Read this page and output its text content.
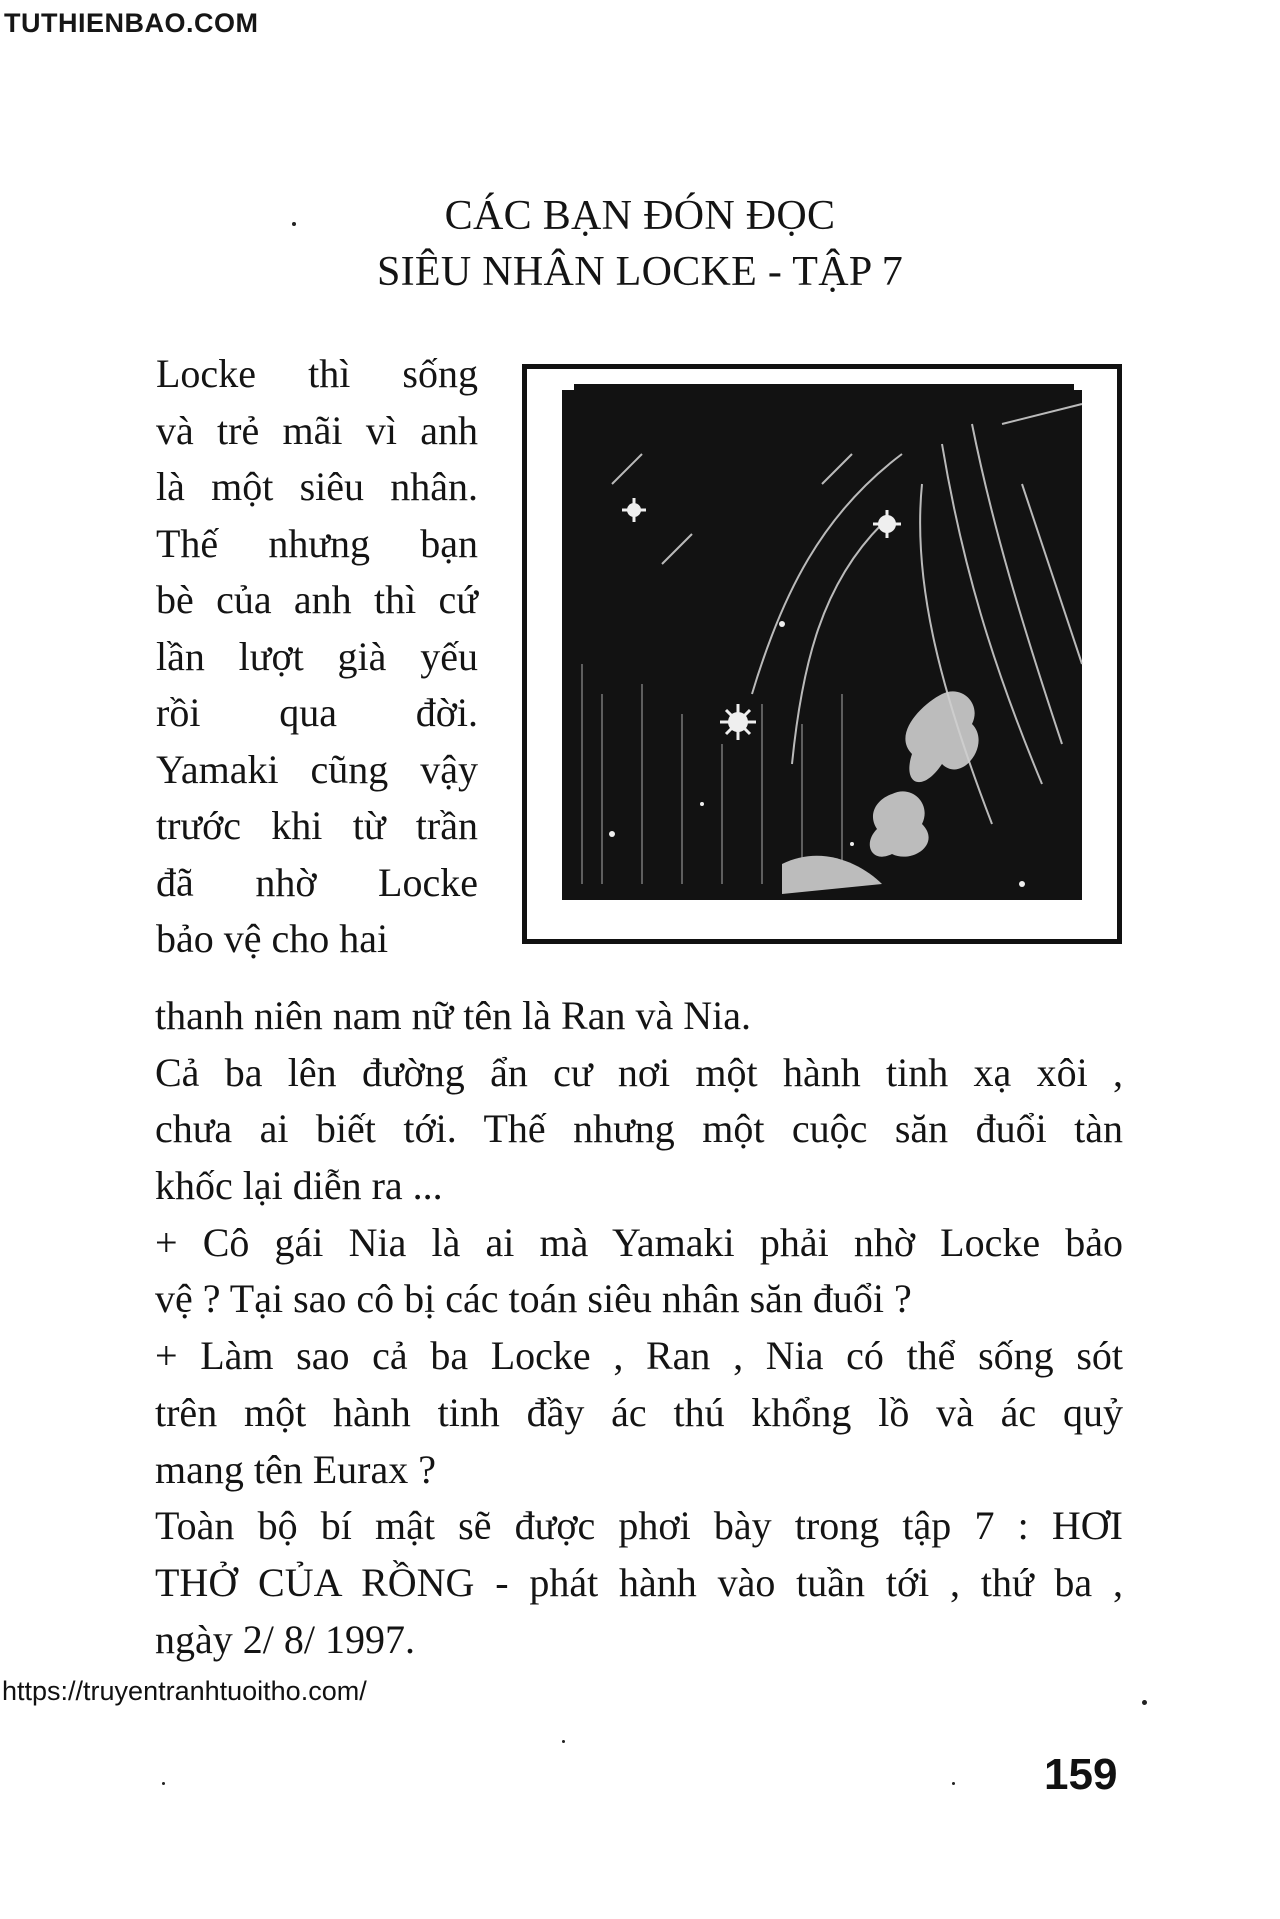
TUTHIENBAO.COM
CÁC BẠN ĐÓN ĐỌC
SIÊU NHÂN LOCKE - TẬP 7
Locke thì sống
và trẻ mãi vì anh
là một siêu nhân.
Thế nhưng bạn
bè của anh thì cứ
lần lượt già yếu
rồi qua đời.
Yamaki cũng vậy
trước khi từ trần
đã nhờ Locke
bảo vệ cho hai
thanh niên nam nữ tên là Ran và Nia.
Cả ba lên đường ẩn cư nơi một hành tinh xạ xôi ,
chưa ai biết tới. Thế nhưng một cuộc săn đuổi tàn
khốc lại diễn ra ...
+ Cô gái Nia là ai mà Yamaki phải nhờ Locke bảo
vệ ? Tại sao cô bị các toán siêu nhân săn đuổi ?
+ Làm sao cả ba Locke , Ran , Nia có thể sống sót
trên một hành tinh đầy ác thú khổng lồ và ác quỷ
mang tên Eurax ?
Toàn bộ bí mật sẽ được phơi bày trong tập 7 : HƠI
THỞ CỦA RỒNG - phát hành vào tuần tới , thứ ba ,
ngày 2/ 8/ 1997.
https://truyentranhtuoitho.com/
159
